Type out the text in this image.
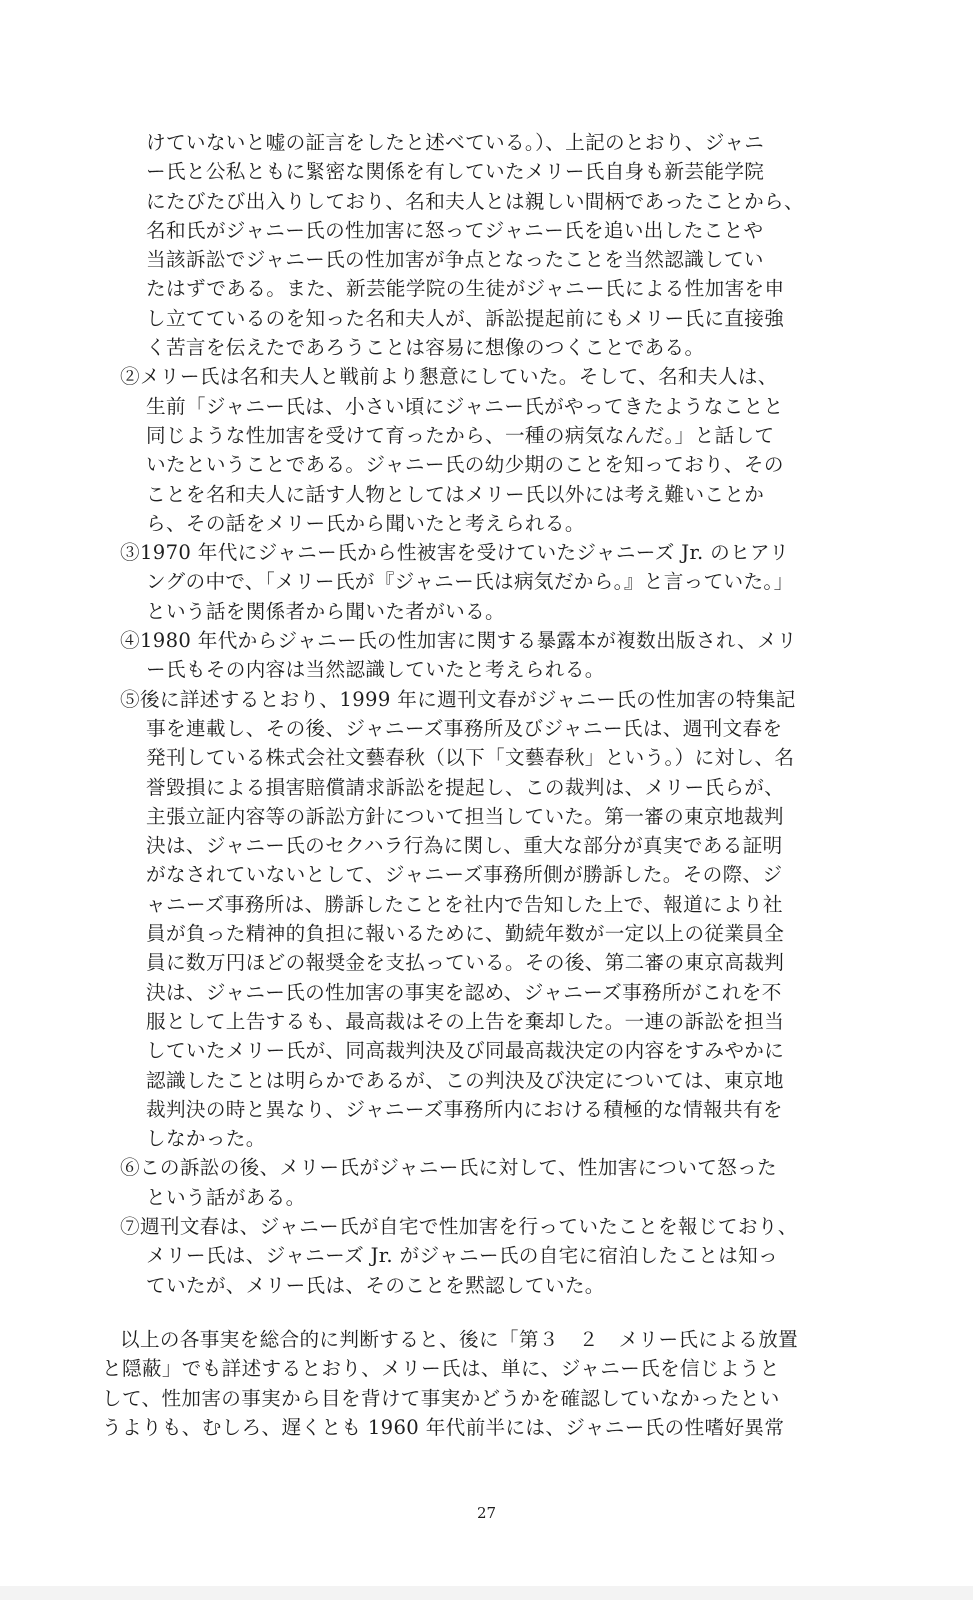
けていないと嘘の証言をしたと述べている。）、上記のとおり、ジャニ
ー氏と公私ともに緊密な関係を有していたメリー氏自身も新芸能学院
にたびたび出入りしており、名和夫人とは親しい間柄であったことから、
名和氏がジャニー氏の性加害に怒ってジャニー氏を追い出したことや
当該訴訟でジャニー氏の性加害が争点となったことを当然認識してい
たはずである。また、新芸能学院の生徒がジャニー氏による性加害を申
し立てているのを知った名和夫人が、訴訟提起前にもメリー氏に直接強
く苦言を伝えたであろうことは容易に想像のつくことである。
②メリー氏は名和夫人と戦前より懇意にしていた。そして、名和夫人は、
生前「ジャニー氏は、小さい頃にジャニー氏がやってきたようなことと
同じような性加害を受けて育ったから、一種の病気なんだ。」と話して
いたということである。ジャニー氏の幼少期のことを知っており、その
ことを名和夫人に話す人物としてはメリー氏以外には考え難いことか
ら、その話をメリー氏から聞いたと考えられる。
③1970 年代にジャニー氏から性被害を受けていたジャニーズ Jr. のヒアリ
ングの中で、「メリー氏が『ジャニー氏は病気だから。』と言っていた。」
という話を関係者から聞いた者がいる。
④1980 年代からジャニー氏の性加害に関する暴露本が複数出版され、メリ
ー氏もその内容は当然認識していたと考えられる。
⑤後に詳述するとおり、1999 年に週刊文春がジャニー氏の性加害の特集記
事を連載し、その後、ジャニーズ事務所及びジャニー氏は、週刊文春を
発刊している株式会社文藝春秋（以下「文藝春秋」という。）に対し、名
誉毀損による損害賠償請求訴訟を提起し、この裁判は、メリー氏らが、
主張立証内容等の訴訟方針について担当していた。第一審の東京地裁判
決は、ジャニー氏のセクハラ行為に関し、重大な部分が真実である証明
がなされていないとして、ジャニーズ事務所側が勝訴した。その際、ジ
ャニーズ事務所は、勝訴したことを社内で告知した上で、報道により社
員が負った精神的負担に報いるために、勤続年数が一定以上の従業員全
員に数万円ほどの報奨金を支払っている。その後、第二審の東京高裁判
決は、ジャニー氏の性加害の事実を認め、ジャニーズ事務所がこれを不
服として上告するも、最高裁はその上告を棄却した。一連の訴訟を担当
していたメリー氏が、同高裁判決及び同最高裁決定の内容をすみやかに
認識したことは明らかであるが、この判決及び決定については、東京地
裁判決の時と異なり、ジャニーズ事務所内における積極的な情報共有を
しなかった。
⑥この訴訟の後、メリー氏がジャニー氏に対して、性加害について怒った
という話がある。
⑦週刊文春は、ジャニー氏が自宅で性加害を行っていたことを報じており、
メリー氏は、ジャニーズ Jr. がジャニー氏の自宅に宿泊したことは知っ
ていたが、メリー氏は、そのことを黙認していた。
以上の各事実を総合的に判断すると、後に「第３　２　メリー氏による放置
と隠蔽」でも詳述するとおり、メリー氏は、単に、ジャニー氏を信じようと
して、性加害の事実から目を背けて事実かどうかを確認していなかったとい
うよりも、むしろ、遅くとも 1960 年代前半には、ジャニー氏の性嗜好異常
27
